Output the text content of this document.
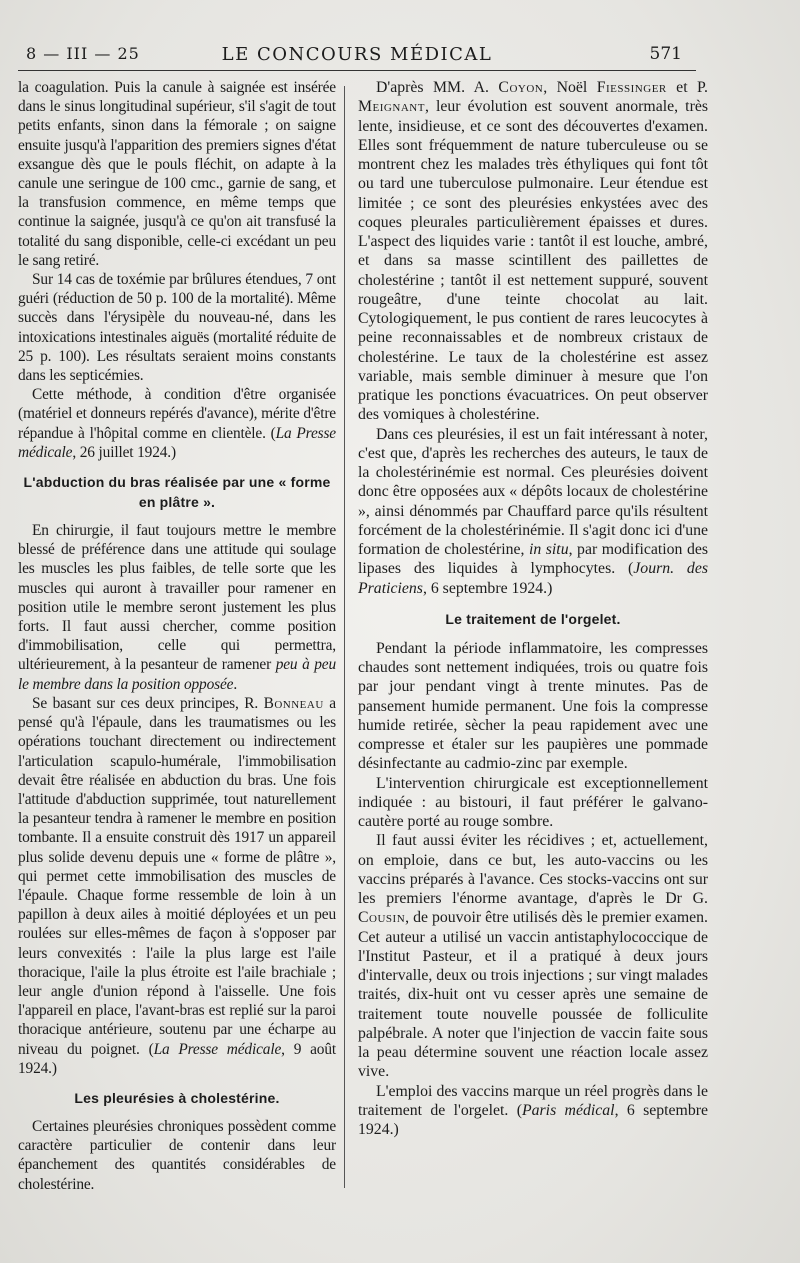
8 — III — 25	LE CONCOURS MÉDICAL	571

la coagulation. Puis la canule à saignée est insérée dans le sinus longitudinal supérieur, s'il s'agit de tout petits enfants, sinon dans la fémorale ; on saigne ensuite jusqu'à l'apparition des premiers signes d'état exsangue dès que le pouls fléchit, on adapte à la canule une seringue de 100 cmc., garnie de sang, et la transfusion commence, en même temps que continue la saignée, jusqu'à ce qu'on ait transfusé la totalité du sang disponible, celle-ci excédant un peu le sang retiré.

Sur 14 cas de toxémie par brûlures étendues, 7 ont guéri (réduction de 50 p. 100 de la mortalité). Même succès dans l'érysipèle du nouveau-né, dans les intoxications intestinales aiguës (mortalité réduite de 25 p. 100). Les résultats seraient moins constants dans les septicémies.

Cette méthode, à condition d'être organisée (matériel et donneurs repérés d'avance), mérite d'être répandue à l'hôpital comme en clientèle. (La Presse médicale, 26 juillet 1924.)

L'abduction du bras réalisée par une « forme en plâtre ».

En chirurgie, il faut toujours mettre le membre blessé de préférence dans une attitude qui soulage les muscles les plus faibles, de telle sorte que les muscles qui auront à travailler pour ramener en position utile le membre seront justement les plus forts. Il faut aussi chercher, comme position d'immobilisation, celle qui permettra, ultérieurement, à la pesanteur de ramener peu à peu le membre dans la position opposée.

Se basant sur ces deux principes, R. Bonneau a pensé qu'à l'épaule, dans les traumatismes ou les opérations touchant directement ou indirectement l'articulation scapulo-humérale, l'immobilisation devait être réalisée en abduction du bras. Une fois l'attitude d'abduction supprimée, tout naturellement la pesanteur tendra à ramener le membre en position tombante. Il a ensuite construit dès 1917 un appareil plus solide devenu depuis une « forme de plâtre », qui permet cette immobilisation des muscles de l'épaule. Chaque forme ressemble de loin à un papillon à deux ailes à moitié déployées et un peu roulées sur elles-mêmes de façon à s'opposer par leurs convexités : l'aile la plus large est l'aile thoracique, l'aile la plus étroite est l'aile brachiale ; leur angle d'union répond à l'aisselle. Une fois l'appareil en place, l'avant-bras est replié sur la paroi thoracique antérieure, soutenu par une écharpe au niveau du poignet. (La Presse médicale, 9 août 1924.)

Les pleurésies à cholestérine.

Certaines pleurésies chroniques possèdent comme caractère particulier de contenir dans leur épanchement des quantités considérables de cholestérine.

D'après MM. A. Coyon, Noël Fiessinger et P. Meignant, leur évolution est souvent anormale, très lente, insidieuse, et ce sont des découvertes d'examen. Elles sont fréquemment de nature tuberculeuse ou se montrent chez les malades très éthyliques qui font tôt ou tard une tuberculose pulmonaire. Leur étendue est limitée ; ce sont des pleurésies enkystées avec des coques pleurales particulièrement épaisses et dures. L'aspect des liquides varie : tantôt il est louche, ambré, et dans sa masse scintillent des paillettes de cholestérine ; tantôt il est nettement suppuré, souvent rougeâtre, d'une teinte chocolat au lait. Cytologiquement, le pus contient de rares leucocytes à peine reconnaissables et de nombreux cristaux de cholestérine. Le taux de la cholestérine est assez variable, mais semble diminuer à mesure que l'on pratique les ponctions évacuatrices. On peut observer des vomiques à cholestérine.

Dans ces pleurésies, il est un fait intéressant à noter, c'est que, d'après les recherches des auteurs, le taux de la cholestérinémie est normal. Ces pleurésies doivent donc être opposées aux « dépôts locaux de cholestérine », ainsi dénommés par Chauffard parce qu'ils résultent forcément de la cholestérinémie. Il s'agit donc ici d'une formation de cholestérine, in situ, par modification des lipases des liquides à lymphocytes. (Journ. des Praticiens, 6 septembre 1924.)

Le traitement de l'orgelet.

Pendant la période inflammatoire, les compresses chaudes sont nettement indiquées, trois ou quatre fois par jour pendant vingt à trente minutes. Pas de pansement humide permanent. Une fois la compresse humide retirée, sècher la peau rapidement avec une compresse et étaler sur les paupières une pommade désinfectante au cadmio-zinc par exemple.

L'intervention chirurgicale est exceptionnellement indiquée : au bistouri, il faut préférer le galvano-cautère porté au rouge sombre.

Il faut aussi éviter les récidives ; et, actuellement, on emploie, dans ce but, les auto-vaccins ou les vaccins préparés à l'avance. Ces stocks-vaccins ont sur les premiers l'énorme avantage, d'après le Dr G. Cousin, de pouvoir être utilisés dès le premier examen. Cet auteur a utilisé un vaccin antistaphylococcique de l'Institut Pasteur, et il a pratiqué à deux jours d'intervalle, deux ou trois injections ; sur vingt malades traités, dix-huit ont vu cesser après une semaine de traitement toute nouvelle poussée de folliculite palpébrale. A noter que l'injection de vaccin faite sous la peau détermine souvent une réaction locale assez vive.

L'emploi des vaccins marque un réel progrès dans le traitement de l'orgelet. (Paris médical, 6 septembre 1924.)
